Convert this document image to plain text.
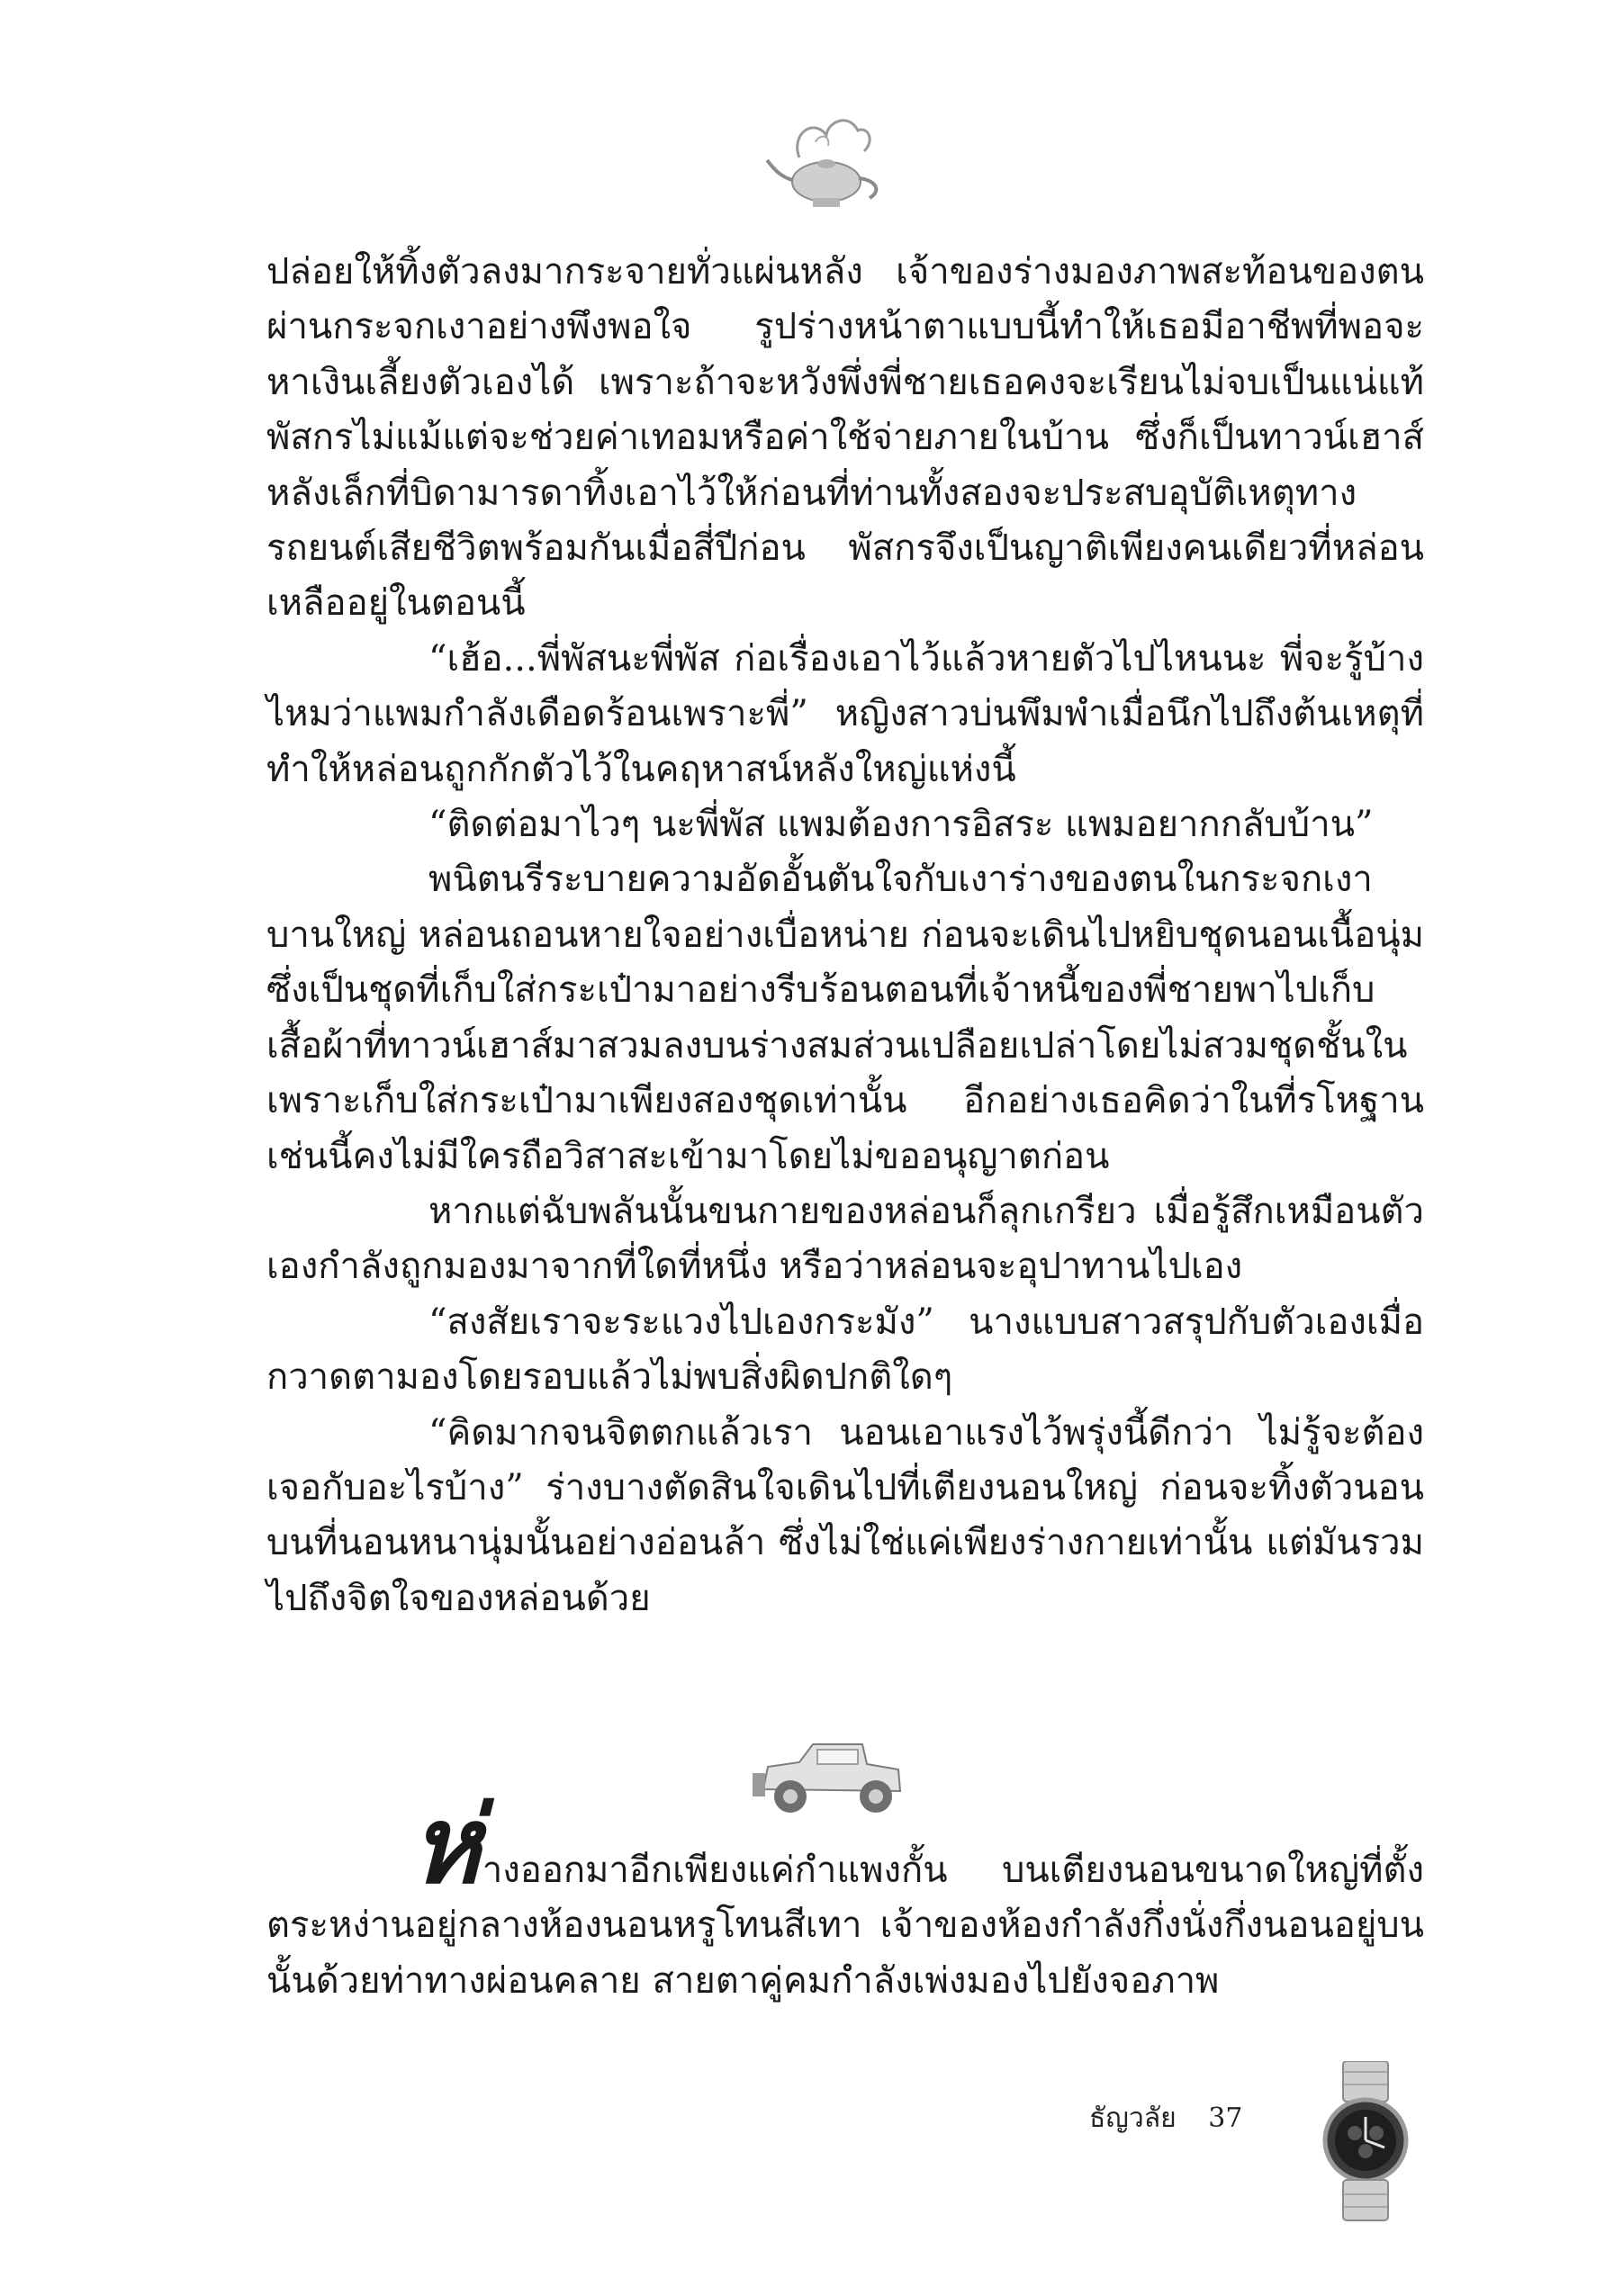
ปล่อยให้ทิ้งตัวลงมากระจายทั่วแผ่นหลัง เจ้าของร่างมองภาพสะท้อนของตนผ่านกระจกเงาอย่างพึงพอใจ รูปร่างหน้าตาแบบนี้ทำให้เธอมีอาชีพที่พอจะหาเงินเลี้ยงตัวเองได้ เพราะถ้าจะหวังพึ่งพี่ชายเธอคงจะเรียนไม่จบเป็นแน่แท้ พัสกรไม่แม้แต่จะช่วยค่าเทอมหรือค่าใช้จ่ายภายในบ้าน ซึ่งก็เป็นทาวน์เฮาส์หลังเล็กที่บิดามารดาทิ้งเอาไว้ให้ก่อนที่ท่านทั้งสองจะประสบอุบัติเหตุทางรถยนต์เสียชีวิตพร้อมกันเมื่อสี่ปีก่อน พัสกรจึงเป็นญาติเพียงคนเดียวที่หล่อนเหลืออยู่ในตอนนี้

“เฮ้อ...พี่พัสนะพี่พัส ก่อเรื่องเอาไว้แล้วหายตัวไปไหนนะ พี่จะรู้บ้างไหมว่าแพมกำลังเดือดร้อนเพราะพี่” หญิงสาวบ่นพึมพำเมื่อนึกไปถึงต้นเหตุที่ทำให้หล่อนถูกกักตัวไว้ในคฤหาสน์หลังใหญ่แห่งนี้

“ติดต่อมาไวๆ นะพี่พัส แพมต้องการอิสระ แพมอยากกลับบ้าน”

พนิตนรีระบายความอัดอั้นตันใจกับเงาร่างของตนในกระจกเงาบานใหญ่ หล่อนถอนหายใจอย่างเบื่อหน่าย ก่อนจะเดินไปหยิบชุดนอนเนื้อนุ่มซึ่งเป็นชุดที่เก็บใส่กระเป๋ามาอย่างรีบร้อนตอนที่เจ้าหนี้ของพี่ชายพาไปเก็บเสื้อผ้าที่ทาวน์เฮาส์มาสวมลงบนร่างสมส่วนเปลือยเปล่าโดยไม่สวมชุดชั้นในเพราะเก็บใส่กระเป๋ามาเพียงสองชุดเท่านั้น อีกอย่างเธอคิดว่าในที่รโหฐานเช่นนี้คงไม่มีใครถือวิสาสะเข้ามาโดยไม่ขออนุญาตก่อน

หากแต่ฉับพลันนั้นขนกายของหล่อนก็ลุกเกรียว เมื่อรู้สึกเหมือนตัวเองกำลังถูกมองมาจากที่ใดที่หนึ่ง หรือว่าหล่อนจะอุปาทานไปเอง

“สงสัยเราจะระแวงไปเองกระมัง” นางแบบสาวสรุปกับตัวเองเมื่อกวาดตามองโดยรอบแล้วไม่พบสิ่งผิดปกติใดๆ

“คิดมากจนจิตตกแล้วเรา นอนเอาแรงไว้พรุ่งนี้ดีกว่า ไม่รู้จะต้องเจอกับอะไรบ้าง” ร่างบางตัดสินใจเดินไปที่เตียงนอนใหญ่ ก่อนจะทิ้งตัวนอนบนที่นอนหนานุ่มนั้นอย่างอ่อนล้า ซึ่งไม่ใช่แค่เพียงร่างกายเท่านั้น แต่มันรวมไปถึงจิตใจของหล่อนด้วย

ห่างออกมาอีกเพียงแค่กำแพงกั้น บนเตียงนอนขนาดใหญ่ที่ตั้งตระหง่านอยู่กลางห้องนอนหรูโทนสีเทา เจ้าของห้องกำลังกึ่งนั่งกึ่งนอนอยู่บนนั้นด้วยท่าทางผ่อนคลาย สายตาคู่คมกำลังเพ่งมองไปยังจอภาพ

ธัญวลัย 37
